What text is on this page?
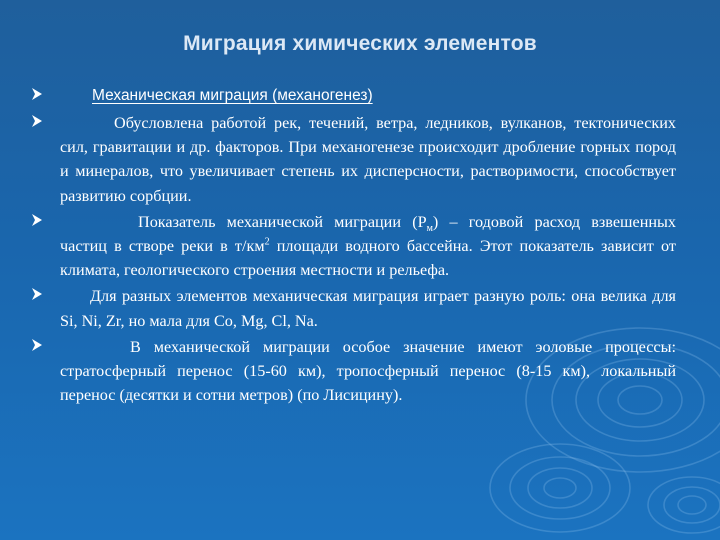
Миграция химических элементов
Механическая миграция (механогенез)
Обусловлена работой рек, течений, ветра, ледников, вулканов, тектонических сил, гравитации и др. факторов. При механогенезе происходит дробление горных пород и минералов, что увеличивает степень их дисперсности, растворимости, способствует развитию сорбции.
Показатель механической миграции $(Р_м)$ – годовой расход взвешенных частиц в створе реки в $т/км^2$ площади водного бассейна. Этот показатель зависит от климата, геологического строения местности и рельефа.
Для разных элементов механическая миграция играет разную роль: она велика для Si, Ni, Zr, но мала для Co, Mg, Cl, Na.
В механической миграции особое значение имеют эоловые процессы: стратосферный перенос (15-60 км), тропосферный перенос (8-15 км), локальный перенос (десятки и сотни метров) (по Лисицину).
